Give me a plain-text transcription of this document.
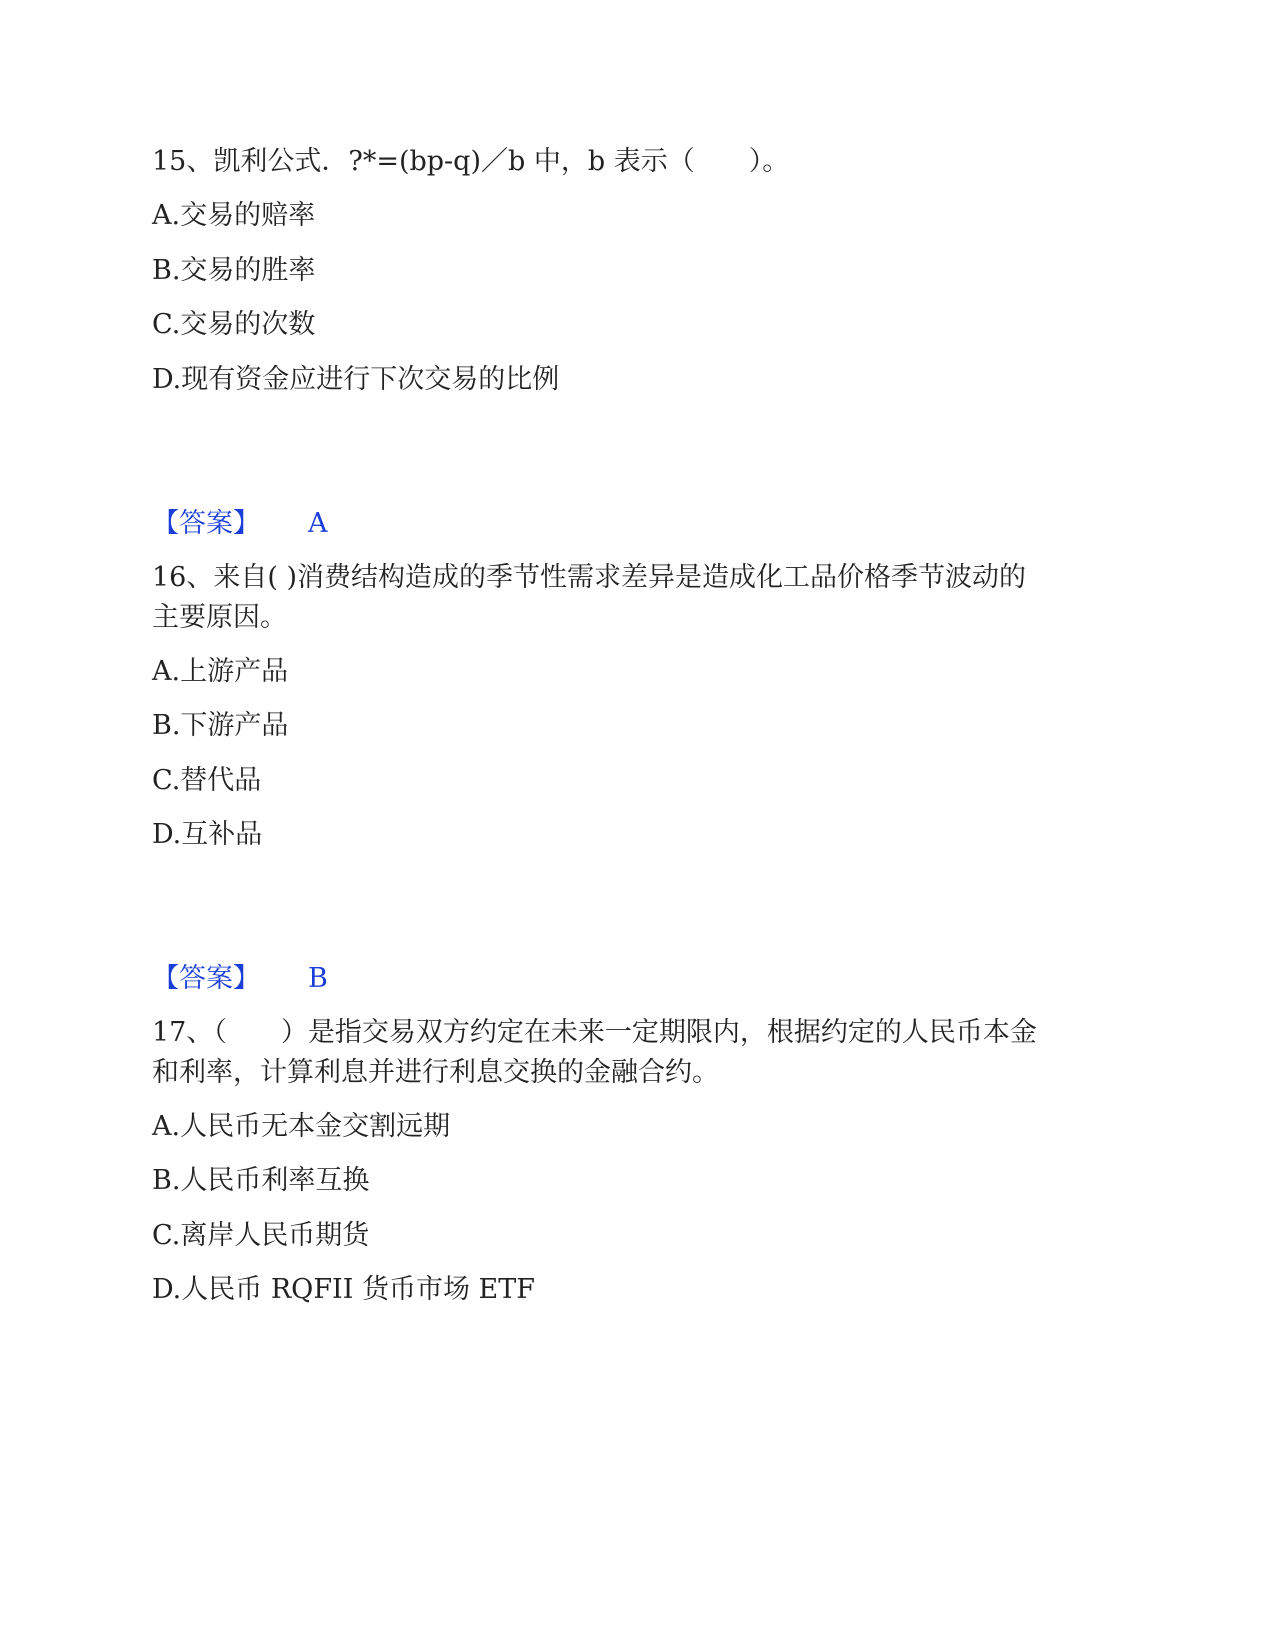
15、凯利公式．?*=(bp-q)／b 中，b 表示（　　）。
A.交易的赔率
B.交易的胜率
C.交易的次数
D.现有资金应进行下次交易的比例
【答案】 A
16、来自( )消费结构造成的季节性需求差异是造成化工品价格季节波动的
主要原因。
A.上游产品
B.下游产品
C.替代品
D.互补品
【答案】 B
17、（　　）是指交易双方约定在未来一定期限内，根据约定的人民币本金
和利率，计算利息并进行利息交换的金融合约。
A.人民币无本金交割远期
B.人民币利率互换
C.离岸人民币期货
D.人民币 RQFII 货币市场 ETF
